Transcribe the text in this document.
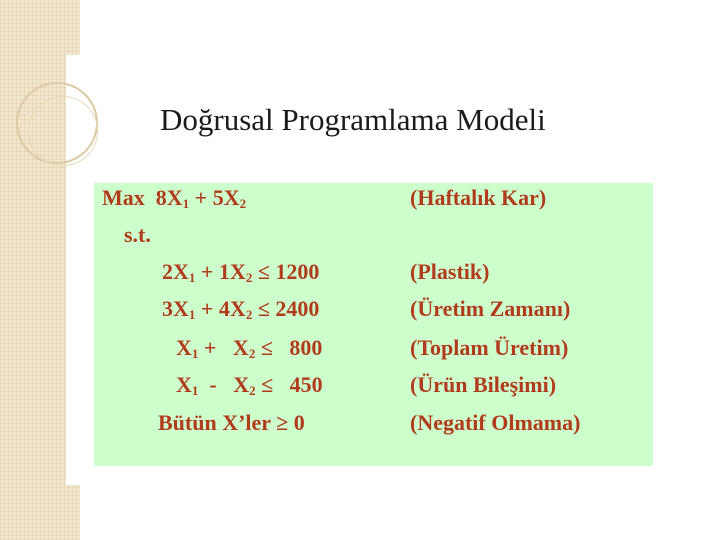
Doğrusal Programlama Modeli
Max  $8X_1 + 5X_2$	(Haftalık Kar)
s.t.
$2X_1 + 1X_2 \le 1200$	(Plastik)
$3X_1 + 4X_2 \le 2400$	(Üretim Zamanı)
$X_1 + X_2 \le 800$	(Toplam Üretim)
$X_1 - X_2 \le 450$	(Ürün Bileşimi)
Bütün X’ler ≥ 0	(Negatif Olmama)
